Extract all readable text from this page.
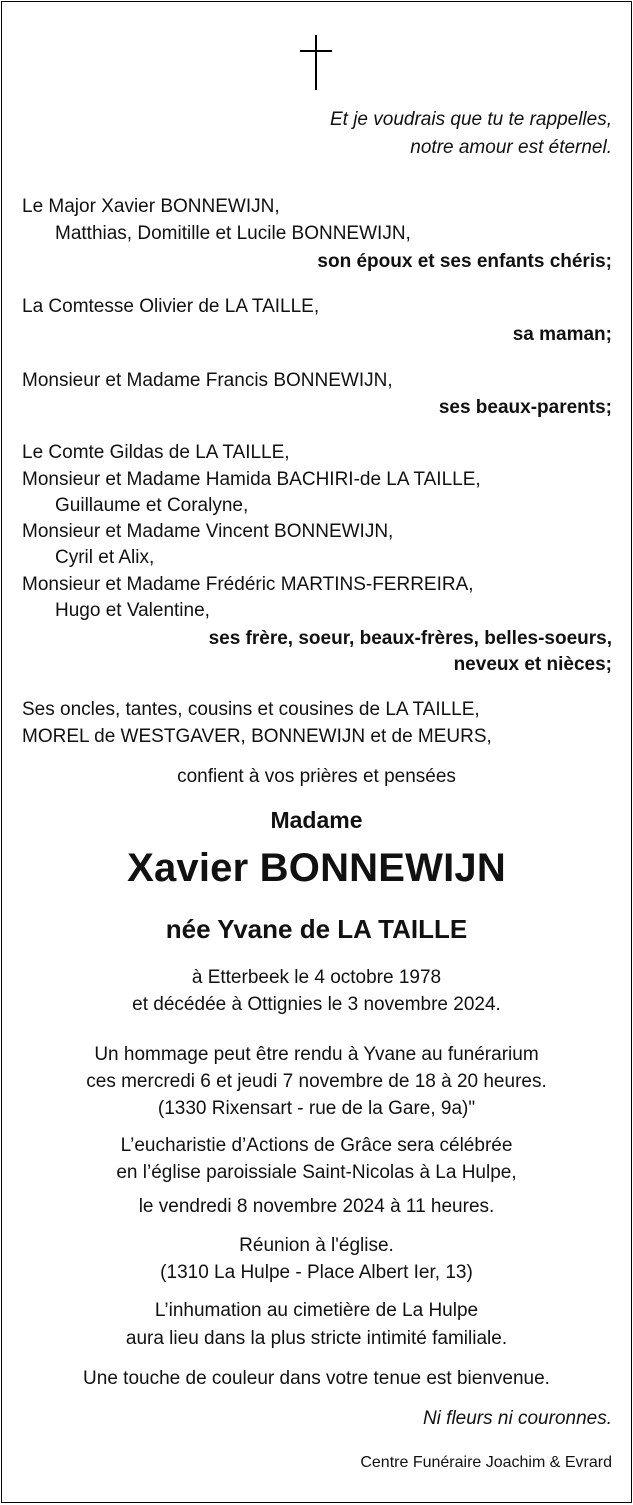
Et je voudrais que tu te rappelles,
notre amour est éternel.
Le Major Xavier BONNEWIJN,
Matthias, Domitille et Lucile BONNEWIJN,
son époux et ses enfants chéris;
La Comtesse Olivier de LA TAILLE,
sa maman;
Monsieur et Madame Francis BONNEWIJN,
ses beaux-parents;
Le Comte Gildas de LA TAILLE,
Monsieur et Madame Hamida BACHIRI-de LA TAILLE,
Guillaume et Coralyne,
Monsieur et Madame Vincent BONNEWIJN,
Cyril et Alix,
Monsieur et Madame Frédéric MARTINS-FERREIRA,
Hugo et Valentine,
ses frère, soeur, beaux-frères, belles-soeurs,
neveux et nièces;
Ses oncles, tantes, cousins et cousines de LA TAILLE,
MOREL de WESTGAVER, BONNEWIJN et de MEURS,
confient à vos prières et pensées
Madame
Xavier BONNEWIJN
née Yvane de LA TAILLE
à Etterbeek le 4 octobre 1978
et décédée à Ottignies le 3 novembre 2024.
Un hommage peut être rendu à Yvane au funérarium
ces mercredi 6 et jeudi 7 novembre de 18 à 20 heures.
(1330 Rixensart - rue de la Gare, 9a)"
L’eucharistie d’Actions de Grâce sera célébrée
en l’église paroissiale Saint-Nicolas à La Hulpe,
le vendredi 8 novembre 2024 à 11 heures.
Réunion à l'église.
(1310 La Hulpe - Place Albert Ier, 13)
L’inhumation au cimetière de La Hulpe
aura lieu dans la plus stricte intimité familiale.
Une touche de couleur dans votre tenue est bienvenue.
Ni fleurs ni couronnes.
Centre Funéraire Joachim & Evrard
